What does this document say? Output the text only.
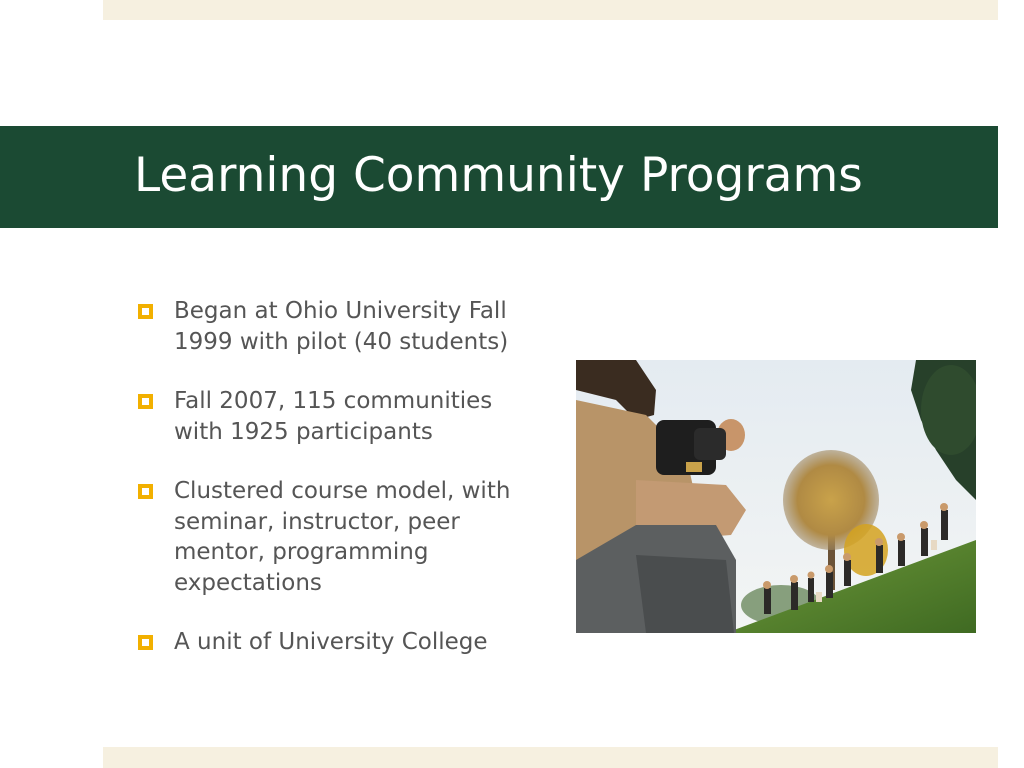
Learning Community Programs
Began at Ohio University Fall 1999 with pilot (40 students)
Fall 2007, 115 communities with 1925 participants
Clustered course model, with seminar, instructor, peer mentor, programming expectations
A unit of University College
